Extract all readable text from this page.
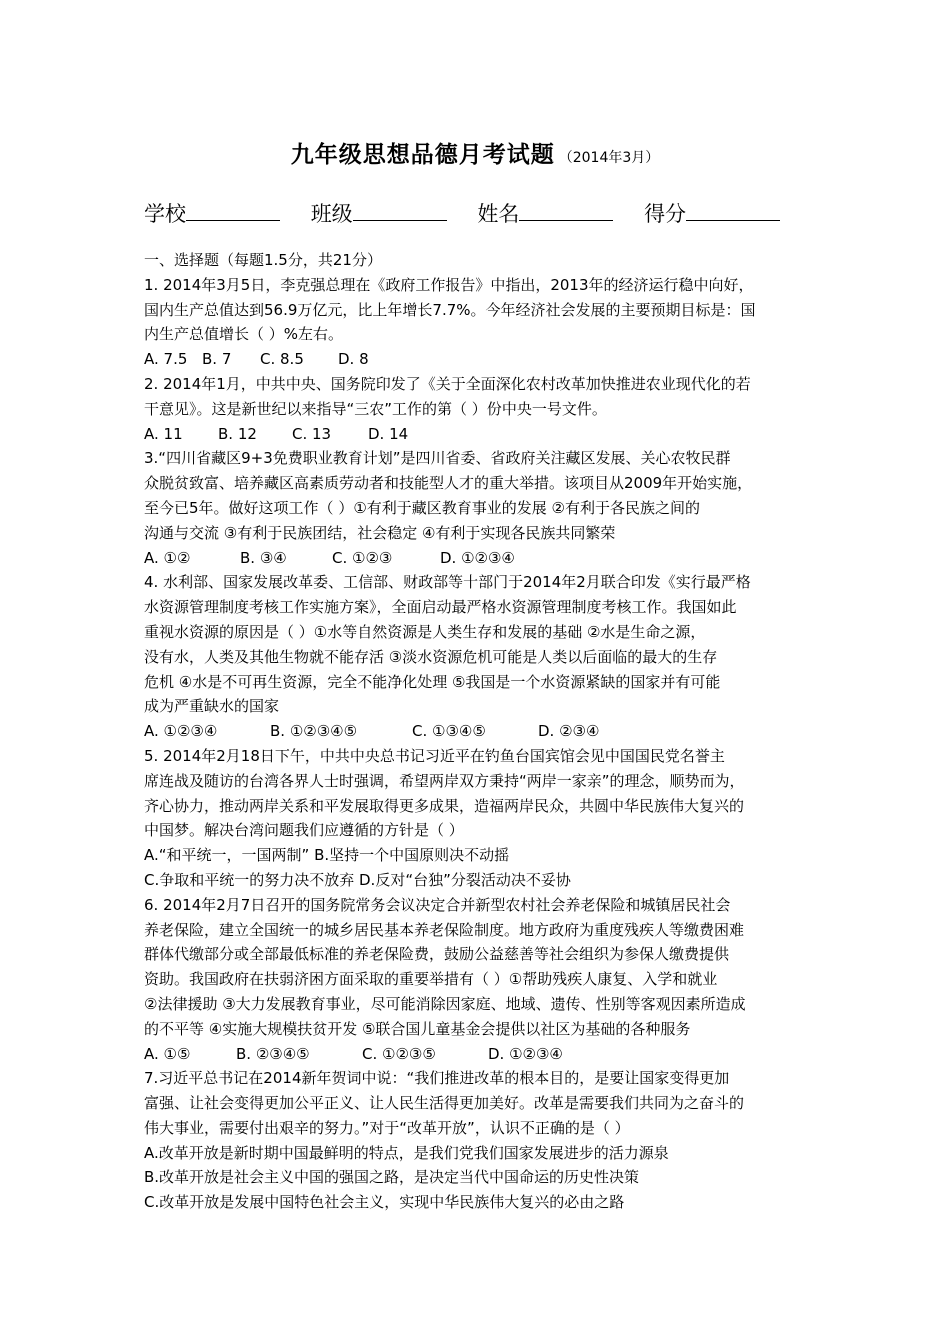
九年级思想品德月考试题 （2014年3月）
学校	班级	姓名	得分

一、选择题（每题1.5分，共21分）

1. 2014年3月5日，李克强总理在《政府工作报告》中指出，2013年的经济运行稳中向好，

国内生产总值达到56.9万亿元，比上年增长7.7%。今年经济社会发展的主要预期目标是：国

内生产总值增长（ ）%左右。

A. 7.5 B. 7 C. 8.5 D. 8

2. 2014年1月，中共中央、国务院印发了《关于全面深化农村改革加快推进农业现代化的若

干意见》。这是新世纪以来指导“三农”工作的第（ ）份中央一号文件。

A. 11 B. 12 C. 13 D. 14

3.“四川省藏区9+3免费职业教育计划”是四川省委、省政府关注藏区发展、关心农牧民群

众脱贫致富、培养藏区高素质劳动者和技能型人才的重大举措。该项目从2009年开始实施，

至今已5年。做好这项工作（ ）①有利于藏区教育事业的发展 ②有利于各民族之间的

沟通与交流 ③有利于民族团结，社会稳定 ④有利于实现各民族共同繁荣

A. ①②	B. ③④	C. ①②③	D. ①②③④

4. 水利部、国家发展改革委、工信部、财政部等十部门于2014年2月联合印发《实行最严格

水资源管理制度考核工作实施方案》，全面启动最严格水资源管理制度考核工作。我国如此

重视水资源的原因是（ ）①水等自然资源是人类生存和发展的基础 ②水是生命之源，

没有水，人类及其他生物就不能存活 ③淡水资源危机可能是人类以后面临的最大的生存

危机 ④水是不可再生资源，完全不能净化处理 ⑤我国是一个水资源紧缺的国家并有可能

成为严重缺水的国家

A. ①②③④	B. ①②③④⑤	C. ①③④⑤	D. ②③④

5. 2014年2月18日下午，中共中央总书记习近平在钓鱼台国宾馆会见中国国民党名誉主

席连战及随访的台湾各界人士时强调，希望两岸双方秉持“两岸一家亲”的理念，顺势而为，

齐心协力，推动两岸关系和平发展取得更多成果，造福两岸民众，共圆中华民族伟大复兴的

中国梦。解决台湾问题我们应遵循的方针是（ ）

A.“和平统一，一国两制” B.坚持一个中国原则决不动摇

C.争取和平统一的努力决不放弃 D.反对“台独”分裂活动决不妥协

6. 2014年2月7日召开的国务院常务会议决定合并新型农村社会养老保险和城镇居民社会

养老保险，建立全国统一的城乡居民基本养老保险制度。地方政府为重度残疾人等缴费困难

群体代缴部分或全部最低标准的养老保险费，鼓励公益慈善等社会组织为参保人缴费提供

资助。我国政府在扶弱济困方面采取的重要举措有（ ）①帮助残疾人康复、入学和就业

②法律援助 ③大力发展教育事业，尽可能消除因家庭、地域、遗传、性别等客观因素所造成

的不平等 ④实施大规模扶贫开发 ⑤联合国儿童基金会提供以社区为基础的各种服务

A. ①⑤	B. ②③④⑤	C. ①②③⑤	D. ①②③④

7.习近平总书记在2014新年贺词中说：“我们推进改革的根本目的，是要让国家变得更加

富强、让社会变得更加公平正义、让人民生活得更加美好。改革是需要我们共同为之奋斗的

伟大事业，需要付出艰辛的努力。”对于“改革开放”，认识不正确的是（ ）

A.改革开放是新时期中国最鲜明的特点，是我们党我们国家发展进步的活力源泉

B.改革开放是社会主义中国的强国之路，是决定当代中国命运的历史性决策

C.改革开放是发展中国特色社会主义，实现中华民族伟大复兴的必由之路
